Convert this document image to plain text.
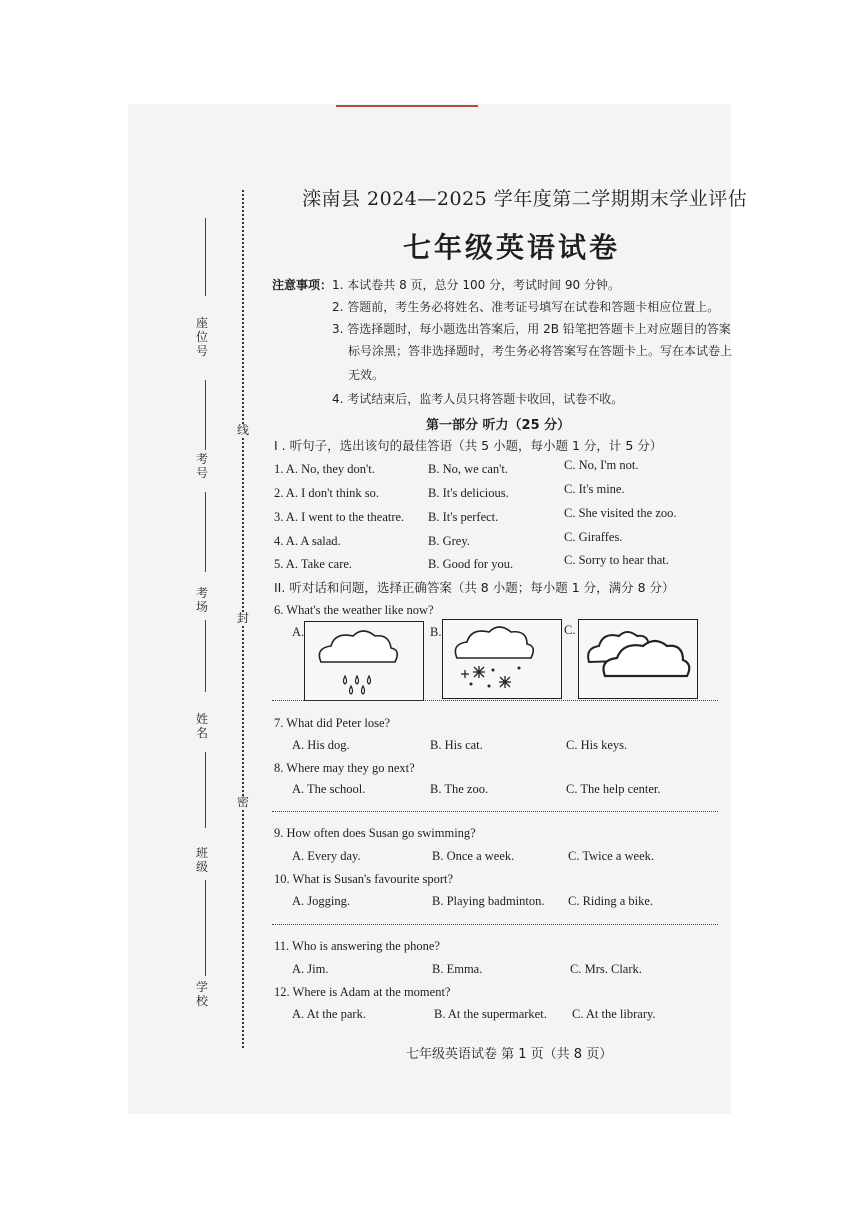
座位号
考号
考场
姓名
班级
学校
线
封
密
滦南县 2024—2025 学年度第二学期期末学业评估
七年级英语试卷
注意事项： 1. 本试卷共 8 页，总分 100 分，考试时间 90 分钟。
2. 答题前，考生务必将姓名、准考证号填写在试卷和答题卡相应位置上。
3. 答选择题时，每小题选出答案后，用 2B 铅笔把答题卡上对应题目的答案
标号涂黑；答非选择题时，考生务必将答案写在答题卡上。写在本试卷上
无效。
4. 考试结束后，监考人员只将答题卡收回，试卷不收。
第一部分 听力（25 分）
I . 听句子，选出该句的最佳答语（共 5 小题，每小题 1 分，计 5 分）
1. A. No, they don't.	B. No, we can't.	C. No, I'm not.
2. A. I don't think so.	B. It's delicious.	C. It's mine.
3. A. I went to the theatre. B. It's perfect.	C. She visited the zoo.
4. A. A salad.	B. Grey.	C. Giraffes.
5. A. Take care.	B. Good for you.	C. Sorry to hear that.
II. 听对话和问题，选择正确答案（共 8 小题；每小题 1 分，满分 8 分）
6. What's the weather like now?
A.	B.	C.
7. What did Peter lose?
A. His dog.	B. His cat.	C. His keys.
8. Where may they go next?
A. The school.	B. The zoo.	C. The help center.
9. How often does Susan go swimming?
A. Every day.	B. Once a week.	C. Twice a week.
10. What is Susan's favourite sport?
A. Jogging.	B. Playing badminton. C. Riding a bike.
11. Who is answering the phone?
A. Jim.	B. Emma.	C. Mrs. Clark.
12. Where is Adam at the moment?
A. At the park.	B. At the supermarket. C. At the library.
七年级英语试卷 第 1 页（共 8 页）
